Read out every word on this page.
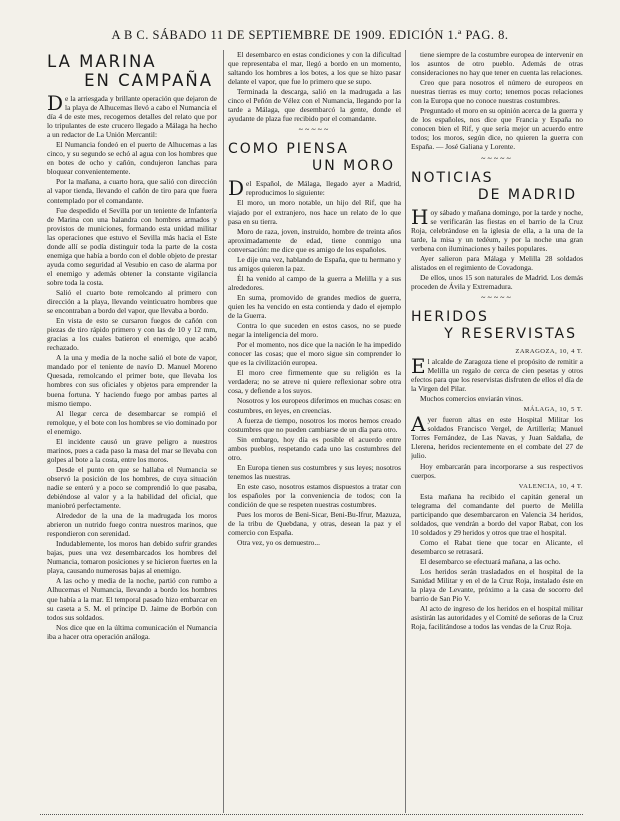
A B C. SÁBADO 11 DE SEPTIEMBRE DE 1909. EDICIÓN 1.ª PAG. 8.
LA MARINA
EN CAMPAÑA

De la arriesgada y brillante operación que dejaron de la playa de Alhucemas llevó a cabo el Numancia el día 4 de este mes, recogemos detalles del relato que por lo tripulantes de este crucero llegado a Málaga ha hecho a un redactor de La Unión Mercantil:

El Numancia fondeó en el puerto de Alhucemas a las cinco, y su segundo se echó al agua con los hombres que en botes de ocho y cañón, condujeron lanchas para bloquear convenientemente.

Por la mañana, a cuarto hora, que salió con dirección al vapor tienda, llevando el cañón de tiro para que fuera contemplado por el comandante.

Fue despedido el Sevilla por un teniente de Infantería de Marina con una balandra con hombres armados y provistos de municiones, formando esta unidad militar las operaciones que estuvo el Sevilla más hacia el Este donde allí se podía distinguir toda la parte de la costa enemiga que había a bordo con el doble objeto de prestar ayuda como seguridad al Vesubio en caso de alarma por el enemigo y además obtener la constante vigilancia sobre toda la costa.

Salió el cuarto bote remolcando al primero con dirección a la playa, llevando veinticuatro hombres que se encontraban a bordo del vapor, que llevaba a bordo.

En vista de esto se cursaron fuegos de cañón con piezas de tiro rápido primero y con las de 10 y 12 mm, gracias a los cuales batieron el enemigo, que acabó rechazado.

A la una y media de la noche salió el bote de vapor, mandado por el teniente de navío D. Manuel Moreno Quesada, remolcando el primer bote, que llevaba los hombres con sus oficiales y objetos para emprender la buena fortuna. Y haciendo fuego por ambas partes al mismo tiempo.

Al llegar cerca de desembarcar se rompió el remolque, y el bote con los hombres se vio dominado por el enemigo.

El incidente causó un grave peligro a nuestros marinos, pues a cada paso la masa del mar se llevaba con golpes al bote a la costa, entre los moros.

Desde el punto en que se hallaba el Numancia se observó la posición de los hombres, de cuya situación nadie se enteró y a poco se comprendió lo que pasaba, debiéndose al valor y a la habilidad del oficial, que maniobró perfectamente.

Alrededor de la una de la madrugada los moros abrieron un nutrido fuego contra nuestros marinos, que respondieron con serenidad.

Indudablemente, los moros han debido sufrir grandes bajas, pues una vez desembarcados los hombres del Numancia, tomaron posiciones y se hicieron fuertes en la playa, causando numerosas bajas al enemigo.

A las ocho y media de la noche, partió con rumbo a Alhucemas el Numancia, llevando a bordo los hombres que había a la mar. El temporal pasado hizo embarcar en su caseta a S. M. el príncipe D. Jaime de Borbón con todos sus soldados.

Nos dice que en la última comunicación el Numancia iba a hacer otra operación análoga.

El desembarco en estas condiciones y con la dificultad que representaba el mar, llegó a bordo en un momento, saltando los hombres a los botes, a los que se hizo pasar delante el vapor, que fue lo primero que se supo.

Terminada la descarga, salió en la madrugada a las cinco el Peñón de Vélez con el Numancia, llegando por la tarde a Málaga, que desembarcó la gente, donde el ayudante de plaza fue recibido por el comandante.

~~~~~
COMO PIENSA
UN MORO

Del Español, de Málaga, llegado ayer a Madrid, reproducimos lo siguiente:

El moro, un moro notable, un hijo del Rif, que ha viajado por el extranjero, nos hace un relato de lo que pasa en su tierra.

Moro de raza, joven, instruido, hombre de treinta años aproximadamente de edad, tiene conmigo una conversación: me dice que es amigo de los españoles.

Le dije una vez, hablando de España, que tu hermano y tus amigos quieren la paz.

Él ha venido al campo de la guerra a Melilla y a sus alrededores.

En suma, promovido de grandes medios de guerra, quien les ha vencido en esta contienda y dado el ejemplo de la Guerra.

Contra lo que suceden en estos casos, no se puede negar la inteligencia del moro.

Por el momento, nos dice que la nación le ha impedido conocer las cosas; que el moro sigue sin comprender lo que es la civilización europea.

El moro cree firmemente que su religión es la verdadera; no se atreve ni quiere reflexionar sobre otra cosa, y defiende a los suyos.

Nosotros y los europeos diferimos en muchas cosas: en costumbres, en leyes, en creencias.

A fuerza de tiempo, nosotros los moros hemos creado costumbres que no pueden cambiarse de un día para otro.

Sin embargo, hoy día es posible el acuerdo entre ambos pueblos, respetando cada uno las costumbres del otro.

En Europa tienen sus costumbres y sus leyes; nosotros tenemos las nuestras.

En este caso, nosotros estamos dispuestos a tratar con los españoles por la conveniencia de todos; con la condición de que se respeten nuestras costumbres.

Pues los moros de Beni-Sicar, Beni-Bu-Ifrur, Mazuza, de la tribu de Quebdana, y otras, desean la paz y el comercio con España.

Otra vez, yo os demuestro...

tiene siempre de la costumbre europea de intervenir en los asuntos de otro pueblo. Además de otras consideraciones no hay que tener en cuenta las relaciones.

Creo que para nosotros el número de europeos en nuestras tierras es muy corto; tenemos pocas relaciones con la Europa que no conoce nuestras costumbres.

Preguntado el moro en su opinión acerca de la guerra y de los españoles, nos dice que Francia y España no conocen bien el Rif, y que sería mejor un acuerdo entre todos; los moros, según dice, no quieren la guerra con España. — José Galiana y Lorente.

~~~~~
NOTICIAS
DE MADRID

Hoy sábado y mañana domingo, por la tarde y noche, se verificarán las fiestas en el barrio de la Cruz Roja, celebrándose en la iglesia de ella, a la una de la tarde, la misa y un tedéum, y por la noche una gran verbena con iluminaciones y bailes populares.

Ayer salieron para Málaga y Melilla 28 soldados alistados en el regimiento de Covadonga.

De ellos, unos 15 son naturales de Madrid. Los demás proceden de Ávila y Extremadura.

~~~~~
HERIDOS
Y RESERVISTAS
ZARAGOZA, 10, 4 T.

El alcalde de Zaragoza tiene el propósito de remitir a Melilla un regalo de cerca de cien pesetas y otros efectos para que los reservistas disfruten de ellos el día de la Virgen del Pilar.

Muchos comercios enviarán vinos.

MÁLAGA, 10, 5 T.

Ayer fueron altas en este Hospital Militar los soldados Francisco Vergel, de Artillería; Manuel Torres Fernández, de Las Navas, y Juan Saldaña, de Llerena, heridos recientemente en el combate del 27 de julio.

Hoy embarcarán para incorporarse a sus respectivos cuerpos.

VALENCIA, 10, 4 T.

Esta mañana ha recibido el capitán general un telegrama del comandante del puerto de Melilla participando que desembarcaron en Valencia 34 heridos, soldados, que vendrán a bordo del vapor Rabat, con los 10 soldados y 29 heridos y otros que trae el hospital.

Como el Rabat tiene que tocar en Alicante, el desembarco se retrasará.

El desembarco se efectuará mañana, a las ocho.

Los heridos serán trasladados en el hospital de la Sanidad Militar y en el de la Cruz Roja, instalado éste en la playa de Levante, próximo a la casa de socorro del barrio de San Pío V.

Al acto de ingreso de los heridos en el hospital militar asistirán las autoridades y el Comité de señoras de la Cruz Roja, facilitándose a todos las vendas de la Cruz Roja.
